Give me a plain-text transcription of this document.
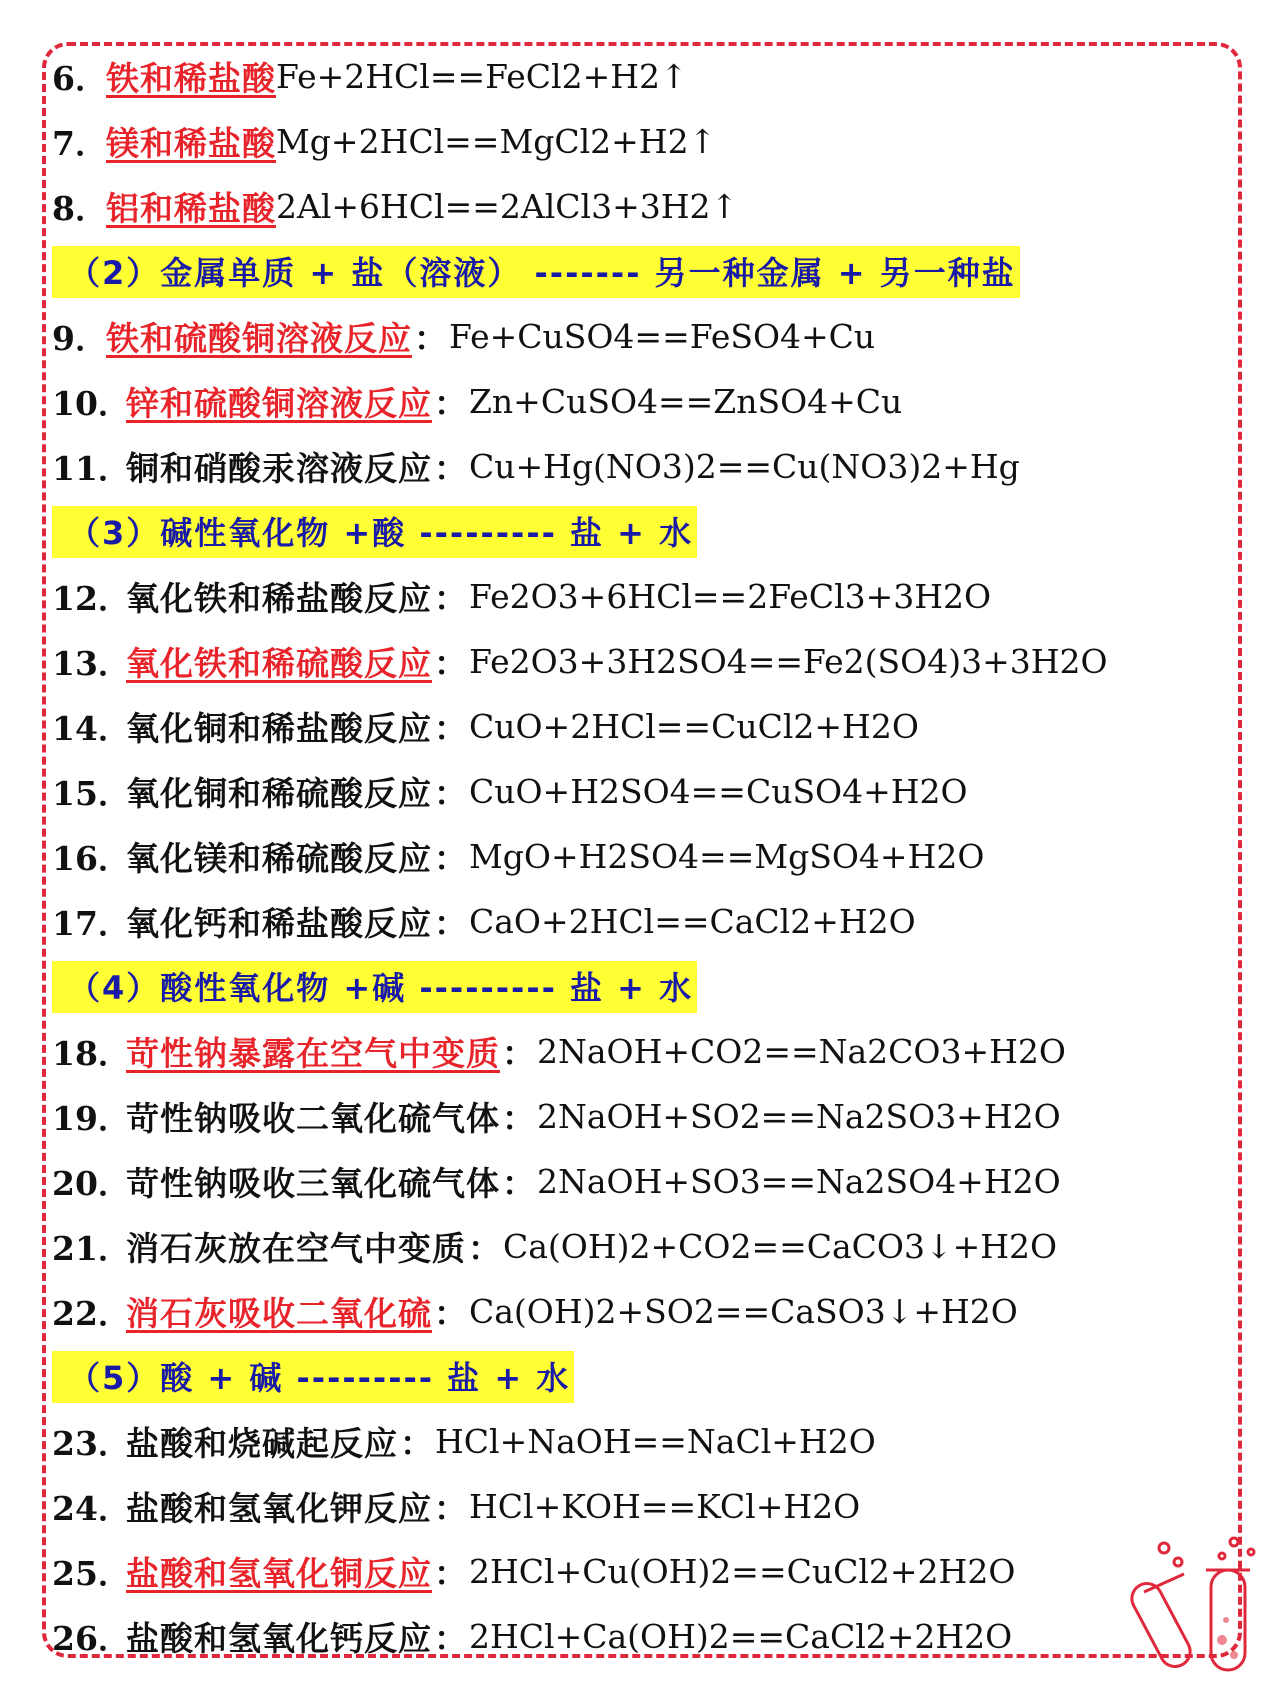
6．
铁和稀盐酸 Fe+2HCl==FeCl2+H2↑
7．
镁和稀盐酸 Mg+2HCl==MgCl2+H2↑
8．
铝和稀盐酸 2Al+6HCl==2AlCl3+3H2↑
（2）金属单质 + 盐（溶液） ------- 另一种金属 + 另一种盐
9．
铁和硫酸铜溶液反应 ： Fe+CuSO4==FeSO4+Cu
10．
锌和硫酸铜溶液反应 ： Zn+CuSO4==ZnSO4+Cu
11．
铜和硝酸汞溶液反应 ： Cu+Hg(NO3)2==Cu(NO3)2+Hg
（3）碱性氧化物 +酸 --------- 盐 + 水
12．
氧化铁和稀盐酸反应 ： Fe2O3+6HCl==2FeCl3+3H2O
13．
氧化铁和稀硫酸反应 ： Fe2O3+3H2SO4==Fe2(SO4)3+3H2O
14．
氧化铜和稀盐酸反应 ： CuO+2HCl==CuCl2+H2O
15．
氧化铜和稀硫酸反应 ： CuO+H2SO4==CuSO4+H2O
16．
氧化镁和稀硫酸反应 ： MgO+H2SO4==MgSO4+H2O
17．
氧化钙和稀盐酸反应 ： CaO+2HCl==CaCl2+H2O
（4）酸性氧化物 +碱 --------- 盐 + 水
18．
苛性钠暴露在空气中变质 ： 2NaOH+CO2==Na2CO3+H2O
19．
苛性钠吸收二氧化硫气体 ： 2NaOH+SO2==Na2SO3+H2O
20．
苛性钠吸收三氧化硫气体 ： 2NaOH+SO3==Na2SO4+H2O
21．
消石灰放在空气中变质 ： Ca(OH)2+CO2==CaCO3↓+H2O
22．
消石灰吸收二氧化硫 ： Ca(OH)2+SO2==CaSO3↓+H2O
（5）酸 + 碱 --------- 盐 + 水
23．
盐酸和烧碱起反应 ： HCl+NaOH==NaCl+H2O
24．
盐酸和氢氧化钾反应 ： HCl+KOH==KCl+H2O
25．
盐酸和氢氧化铜反应 ： 2HCl+Cu(OH)2==CuCl2+2H2O
26．
盐酸和氢氧化钙反应 ： 2HCl+Ca(OH)2==CaCl2+2H2O
